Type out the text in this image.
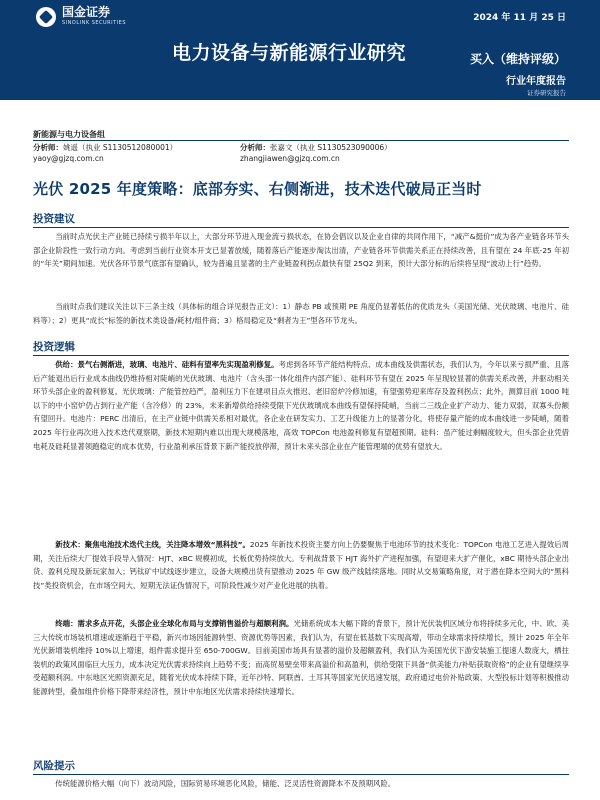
国金证券
SINOLINK SECURITIES	2024 年 11 月 25 日
电力设备与新能源行业研究	买入（维持评级）
行业年度报告
证券研究报告
新能源与电力设备组
分析师：姚遥（执业 S1130512080001）
yaoy@gjzq.com.cn
分析师：张嘉文（执业 S1130523090006）
zhangjiawen@gjzq.com.cn
光伏 2025 年度策略：底部夯实、右侧渐进，技术迭代破局正当时
投资建议

当前时点光伏主产业链已持续亏损半年以上，大部分环节进入现金流亏损状态，在协会倡议以及企业自律的共同作用下，“减产&挺价”成为各产业链各环节头部企业阶段性一致行动方向。考虑到当前行业资本开支已显著放缓，随着落后产能逐步淘汰出清，产业链各环节供需关系正在持续改善，且有望在 24 年底-25 年初的“年关”期间加速。光伏各环节景气底部有望确认，较为普遍且显著的主产业链盈利拐点最快有望 25Q2 到来，预计大部分标的后续将呈现“波动上行”趋势。

当前时点我们建议关注以下三条主线（具体标的组合详见报告正文）：1）静态 PB 或预期 PE 角度仍显著低估的优质龙头（美国光储、光伏玻璃、电池片、硅料等）；2）更具“成长”标签的新技术类设备/耗材/组件商；3）格局稳定及“剩者为王”型各环节龙头。

投资逻辑

供给：景气右侧渐进，玻璃、电池片、硅料有望率先实现盈利修复。考虑到各环节产能结构特点、成本曲线及供需状态，我们认为，今年以来亏损严重、且落后产能退出后行业成本曲线仍维持相对陡峭的光伏玻璃、电池片（含头部一体化组件内部产能）、硅料环节有望在 2025 年呈现较显著的供需关系改善，并驱动相关环节头部企业的盈利修复。光伏玻璃：产能管控趋严，盈利压力下在建项目点火推迟、老旧窑炉冷修加速，有望强势迎来库存及盈利拐点；此外，测算目前 1000 吨以下的中小窑炉仍占到行业产能（含冷修）的 23%，未来新增供给持续受限下光伏玻璃成本曲线有望保持陡峭，当前二三线企业扩产动力、能力双弱，双寡头份额有望回升。电池片：PERC 出清后，在主产业链中供需关系相对最优，各企业在研发实力、工艺升级能力上的显著分化，将使存量产能的成本曲线进一步陡峭，随着 2025 年行业再次进入技术迭代观察期，新技术短期内难以出现大规模落地，高效 TOPCon 电池盈利修复有望超预期。硅料：虽产能过剩幅度较大，但头部企业凭借电耗及硅耗显著领跑稳定的成本优势，行业盈利承压背景下新产能投放停滞，预计未来头部企业在产能管理端的优势有望放大。

新技术：聚焦电池技术迭代主线，关注降本增效“黑科技”。2025 年新技术投资主要方向上仍要聚焦于电池环节的技术变化：TOPCon 电池工艺进入提效后周期，关注后续大厂提效手段导入情况：HJT、xBC 规模初成，长板优势持续放大。专利战背景下 HJT 海外扩产进程加强，有望迎来大扩产催化，xBC 期待头部企业出货、盈利兑现及新玩家加入；钙钛矿中试线逐步建立，设备大规模出货有望推动 2025 年 GW 级产线陆续落地。同时从交易策略角度，对于潜在降本空间大的“黑科技”类投资机会，在市场空间大、短期无法证伪情况下，可阶段性减少对产业化进展的执着。

终端：需求多点开花，头部企业全球化布局与支撑销售溢价与超额利润。光储系统成本大幅下降的背景下，预计光伏装机区域分布将持续多元化，中、欧、美三大传统市场装机增速或逐渐趋于平稳，新兴市场因能源转型、资源优势等因素，我们认为，有望在低基数下实现高增，带动全球需求持续增长，预计 2025 年全年光伏新增装机维持 10%以上增速，组件需求提升至 650-700GW。目前美国市场具有显著的溢价及超额盈利，我们认为美国光伏下游安装施工提速人数庞大，栖拄装机的政策风面临巨大压力，成本决定光伏需求持续向上趋势不变；而高贸易壁垒带来高溢价和高盈利，供给受限下具备“供美能力/补贴获取资格”的企业有望继续享受超额利润。中东地区光照资源充足，随着光伏成本持续下降，近年沙特、阿联酋、土耳其等国家光伏迅速发展，政府通过电价补贴政策、大型投标计划等积极推动能源转型，叠加组件价格下降带来经济性，预计中东地区光伏需求持续快速增长。

风险提示

传统能源价格大幅（向下）波动风险，国际贸易环境恶化风险，储能、泛灵活性资源降本不及预期风险。
